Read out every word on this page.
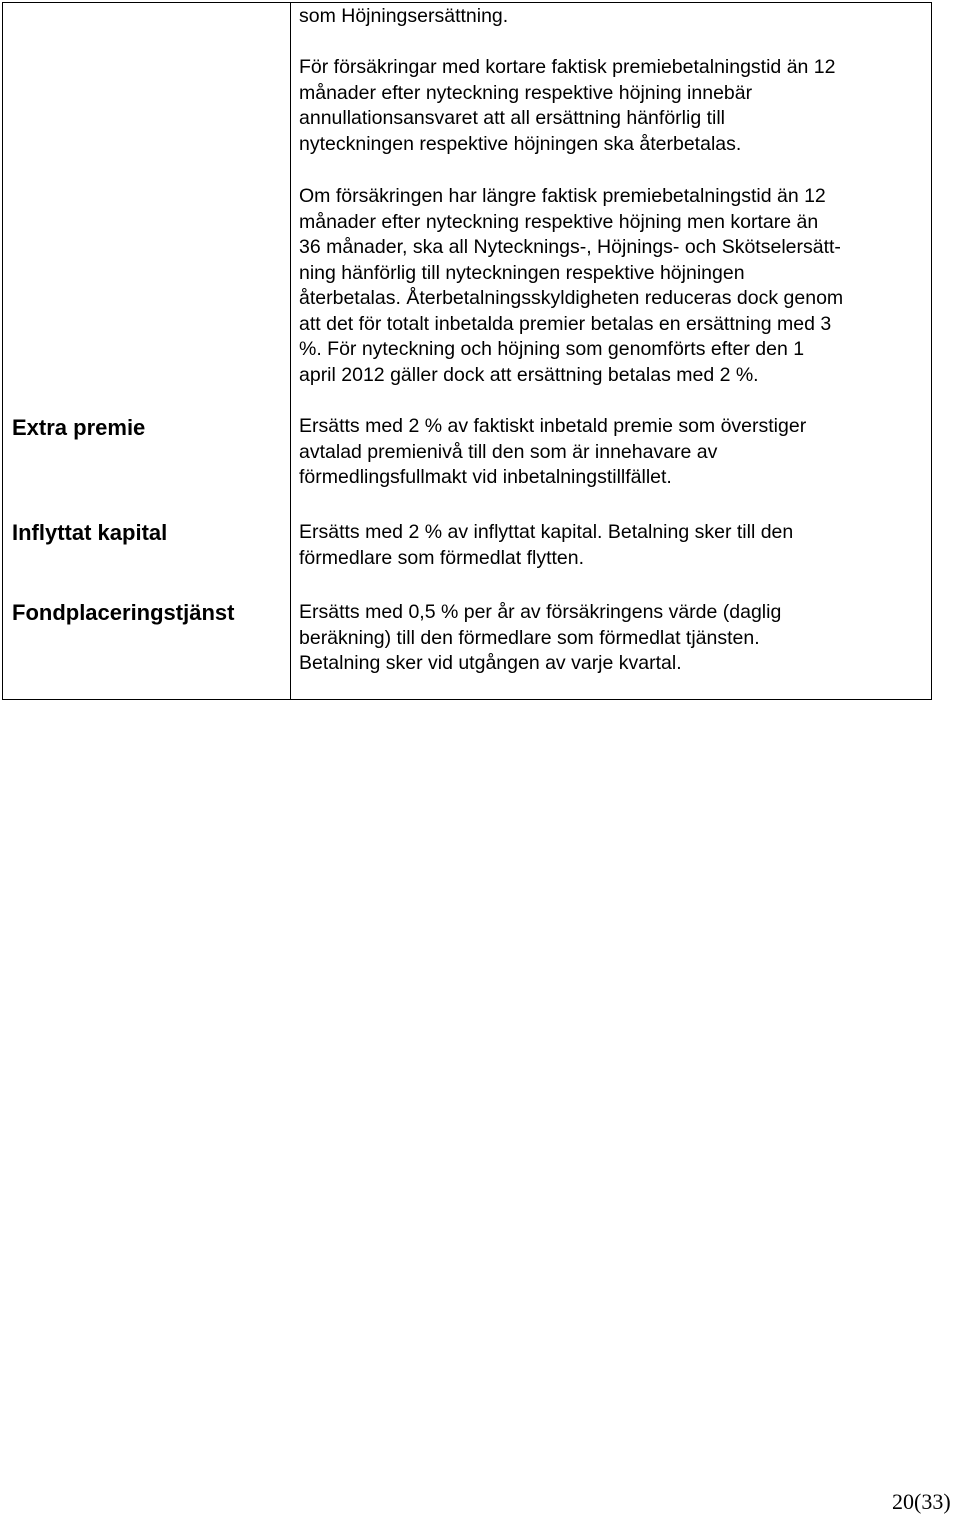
som Höjningsersättning.

För försäkringar med kortare faktisk premiebetalningstid än 12
månader efter nyteckning respektive höjning innebär
annullationsansvaret att all ersättning hänförlig till
nyteckningen respektive höjningen ska återbetalas.

Om försäkringen har längre faktisk premiebetalningstid än 12
månader efter nyteckning respektive höjning men kortare än
36 månader, ska all Nytecknings-, Höjnings- och Skötselersätt-
ning hänförlig till nyteckningen respektive höjningen
återbetalas. Återbetalningsskyldigheten reduceras dock genom
att det för totalt inbetalda premier betalas en ersättning med 3
%. För nyteckning och höjning som genomförts efter den 1
april 2012 gäller dock att ersättning betalas med 2 %.

Extra premie	Ersätts med 2 % av faktiskt inbetald premie som överstiger
avtalad premienivå till den som är innehavare av
förmedlingsfullmakt vid inbetalningstillfället.

Inflyttat kapital	Ersätts med 2 % av inflyttat kapital. Betalning sker till den
förmedlare som förmedlat flytten.

Fondplaceringstjänst	Ersätts med 0,5 % per år av försäkringens värde (daglig
beräkning) till den förmedlare som förmedlat tjänsten.
Betalning sker vid utgången av varje kvartal.

20(33)
